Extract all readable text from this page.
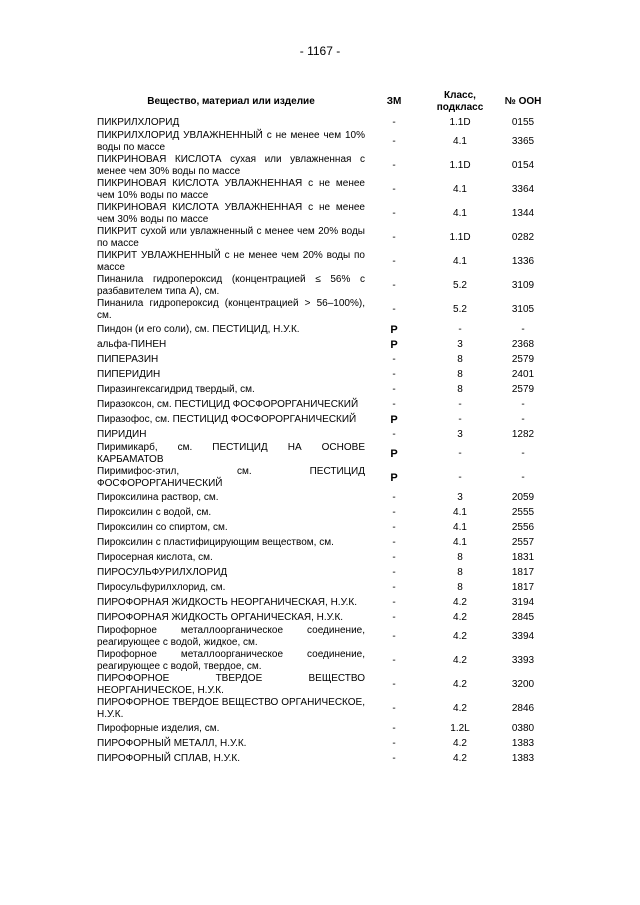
- 1167 -
Вещество, материал или изделие	ЗМ	Класс, подкласс	№ ООН
ПИКРИЛХЛОРИД	-	1.1D	0155
ПИКРИЛХЛОРИД УВЛАЖНЕННЫЙ с не менее чем 10% воды по массе	-	4.1	3365
ПИКРИНОВАЯ КИСЛОТА сухая или увлажненная с менее чем 30% воды по массе	-	1.1D	0154
ПИКРИНОВАЯ КИСЛОТА УВЛАЖНЕННАЯ с не менее чем 10% воды по массе	-	4.1	3364
ПИКРИНОВАЯ КИСЛОТА УВЛАЖНЕННАЯ с не менее чем 30% воды по массе	-	4.1	1344
ПИКРИТ сухой или увлажненный с менее чем 20% воды по массе	-	1.1D	0282
ПИКРИТ УВЛАЖНЕННЫЙ с не менее чем 20% воды по массе	-	4.1	1336
Пинанила гидропероксид (концентрацией ≤ 56% с разбавителем типа А), см.	-	5.2	3109
Пинанила гидропероксид (концентрацией > 56–100%), см.	-	5.2	3105
Пиндон (и его соли), см. ПЕСТИЦИД, Н.У.К.	P	-	-
альфа-ПИНЕН	P	3	2368
ПИПЕРАЗИН	-	8	2579
ПИПЕРИДИН	-	8	2401
Пиразингексагидрид твердый, см.	-	8	2579
Пиразоксон, см. ПЕСТИЦИД ФОСФОРОРГАНИЧЕСКИЙ	-	-	-
Пиразофос, см. ПЕСТИЦИД ФОСФОРОРГАНИЧЕСКИЙ	P	-	-
ПИРИДИН	-	3	1282
Пиримикарб, см. ПЕСТИЦИД НА ОСНОВЕ КАРБАМАТОВ	P	-	-
Пиримифос-этил, см. ПЕСТИЦИД ФОСФОРОРГАНИЧЕСКИЙ	P	-	-
Пироксилина раствор, см.	-	3	2059
Пироксилин с водой, см.	-	4.1	2555
Пироксилин со спиртом, см.	-	4.1	2556
Пироксилин с пластифицирующим веществом, см.	-	4.1	2557
Пиросерная кислота, см.	-	8	1831
ПИРОСУЛЬФУРИЛХЛОРИД	-	8	1817
Пиросульфурилхлорид, см.	-	8	1817
ПИРОФОРНАЯ ЖИДКОСТЬ НЕОРГАНИЧЕСКАЯ, Н.У.К.	-	4.2	3194
ПИРОФОРНАЯ ЖИДКОСТЬ ОРГАНИЧЕСКАЯ, Н.У.К.	-	4.2	2845
Пирофорное металлоорганическое соединение, реагирующее с водой, жидкое, см.	-	4.2	3394
Пирофорное металлоорганическое соединение, реагирующее с водой, твердое, см.	-	4.2	3393
ПИРОФОРНОЕ ТВЕРДОЕ ВЕЩЕСТВО НЕОРГАНИЧЕСКОЕ, Н.У.К.	-	4.2	3200
ПИРОФОРНОЕ ТВЕРДОЕ ВЕЩЕСТВО ОРГАНИЧЕСКОЕ, Н.У.К.	-	4.2	2846
Пирофорные изделия, см.	-	1.2L	0380
ПИРОФОРНЫЙ МЕТАЛЛ, Н.У.К.	-	4.2	1383
ПИРОФОРНЫЙ СПЛАВ, Н.У.К.	-	4.2	1383
